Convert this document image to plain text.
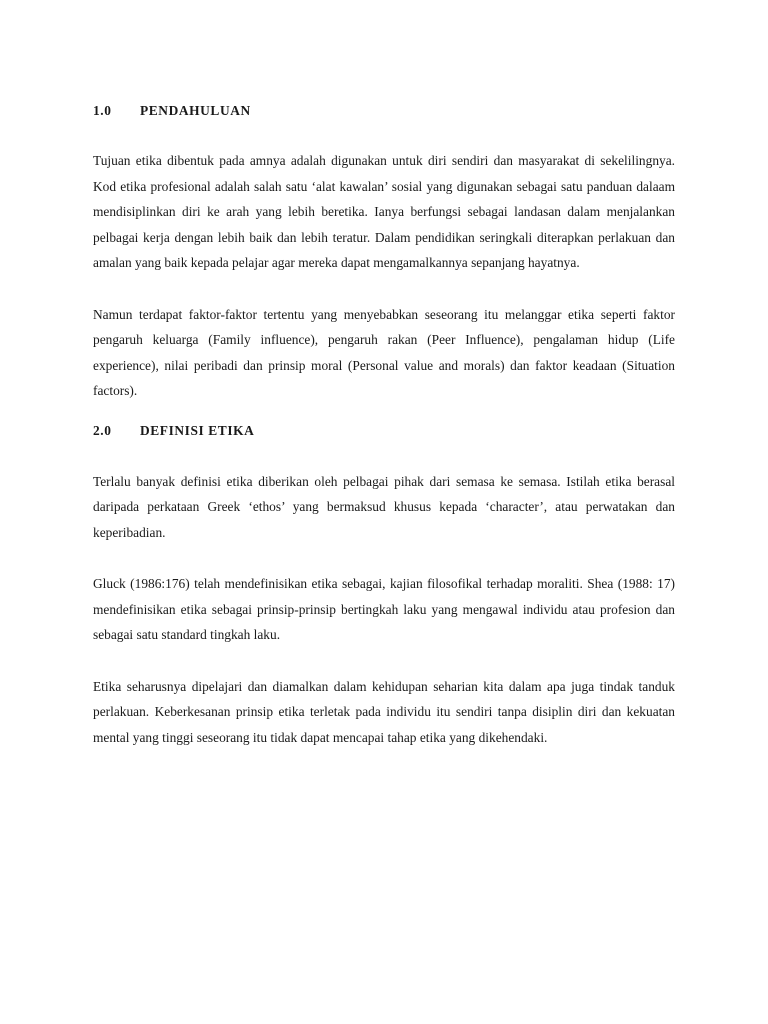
1.0	PENDAHULUAN

Tujuan etika dibentuk pada amnya adalah digunakan untuk diri sendiri dan masyarakat di sekelilingnya. Kod etika profesional adalah salah satu ‘alat kawalan’ sosial yang digunakan sebagai satu panduan dalaam mendisiplinkan diri ke arah yang lebih beretika. Ianya berfungsi sebagai landasan dalam menjalankan pelbagai kerja dengan lebih baik dan lebih teratur. Dalam pendidikan seringkali diterapkan perlakuan dan amalan yang baik kepada pelajar agar mereka dapat mengamalkannya sepanjang hayatnya.

Namun terdapat faktor-faktor tertentu yang menyebabkan seseorang itu melanggar etika seperti faktor pengaruh keluarga (Family influence), pengaruh rakan (Peer Influence), pengalaman hidup (Life experience), nilai peribadi dan prinsip moral (Personal value and morals) dan faktor keadaan (Situation factors).

2.0	DEFINISI ETIKA

Terlalu banyak definisi etika diberikan oleh pelbagai pihak dari semasa ke semasa. Istilah etika berasal daripada perkataan Greek ‘ethos’ yang bermaksud khusus kepada ‘character’, atau perwatakan dan keperibadian.

Gluck (1986:176) telah mendefinisikan etika sebagai, kajian filosofikal terhadap moraliti. Shea (1988: 17) mendefinisikan etika sebagai prinsip-prinsip bertingkah laku yang mengawal individu atau profesion dan sebagai satu standard tingkah laku.

Etika seharusnya dipelajari dan diamalkan dalam kehidupan seharian kita dalam apa juga tindak tanduk perlakuan. Keberkesanan prinsip etika terletak pada individu itu sendiri tanpa disiplin diri dan kekuatan mental yang tinggi seseorang itu tidak dapat mencapai tahap etika yang dikehendaki.
